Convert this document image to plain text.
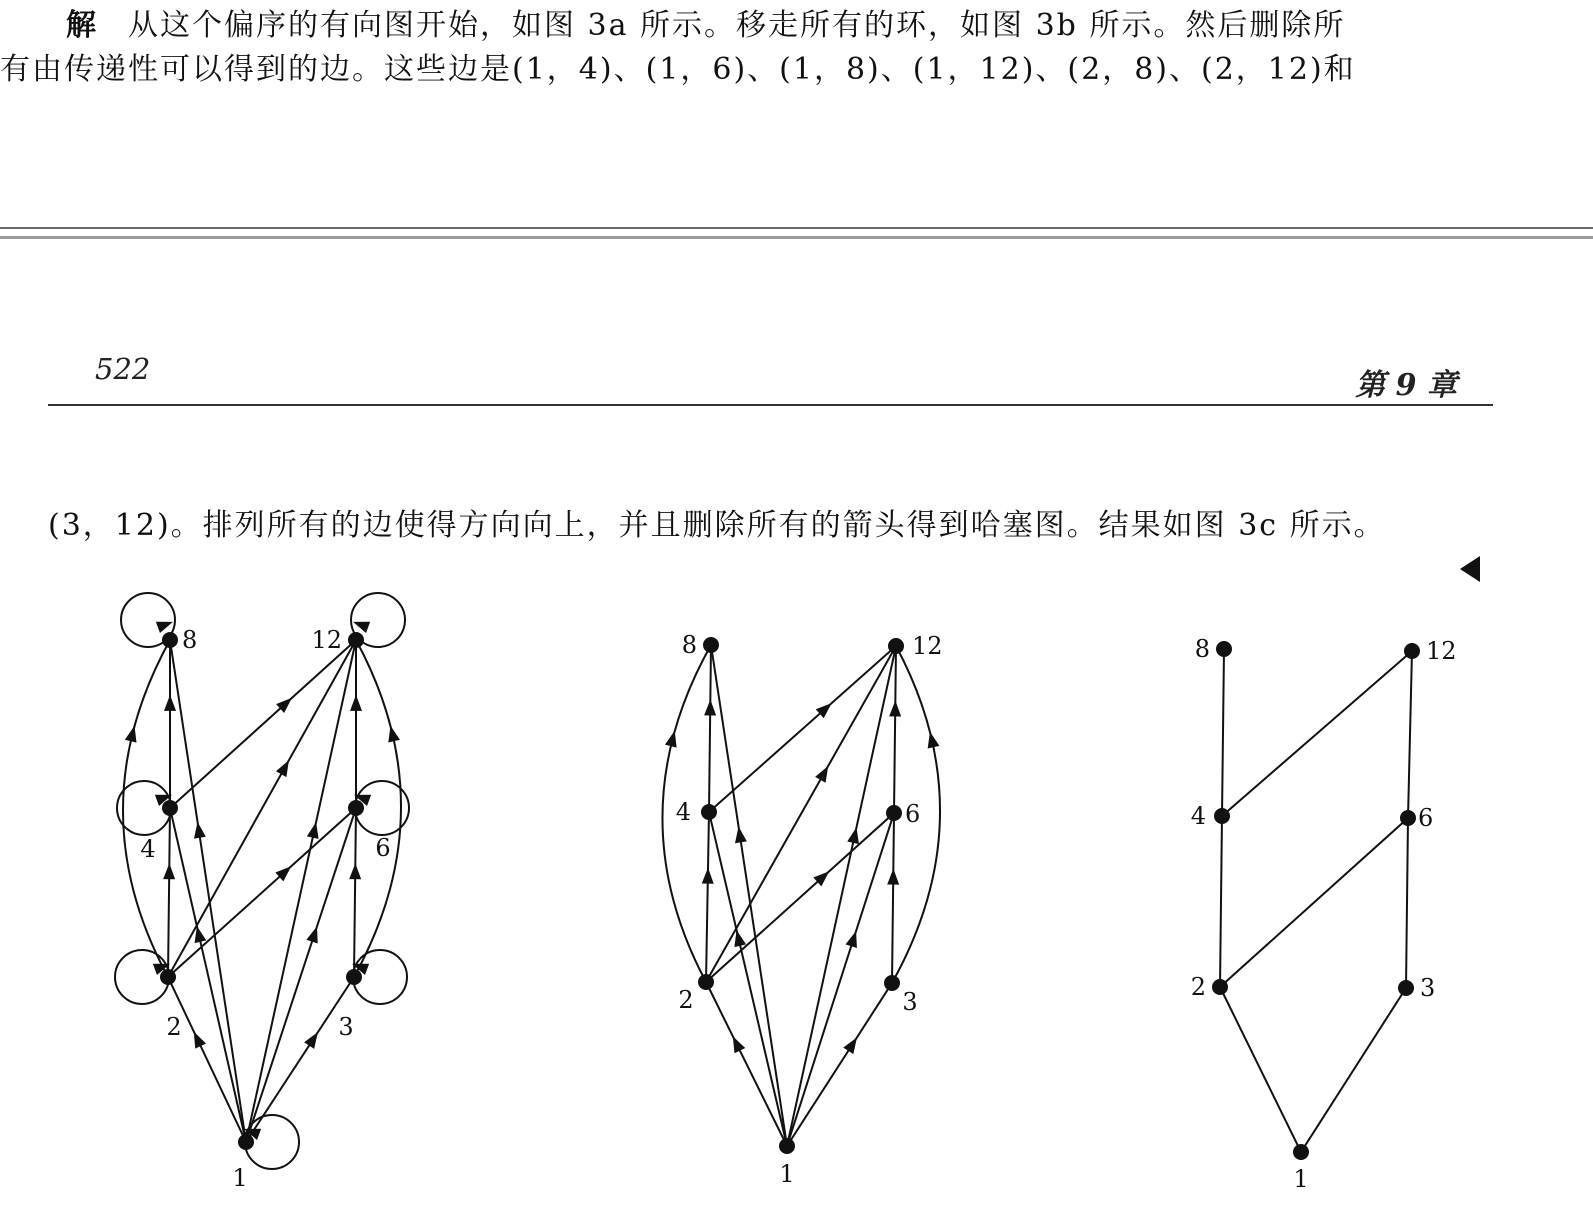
解 从这个偏序的有向图开始，如图 3a 所示。移走所有的环，如图 3b 所示。然后删除所

有由传递性可以得到的边。这些边是(1，4)、(1，6)、(1，8)、(1，12)、(2，8)、(2，12)和

522	第 9 章

(3，12)。排列所有的边使得方向向上，并且删除所有的箭头得到哈塞图。结果如图 3c 所示。

8	12
4	6
2	3
1
8	12
4	6
2	3
1
8	12
4	6
2	3
1
